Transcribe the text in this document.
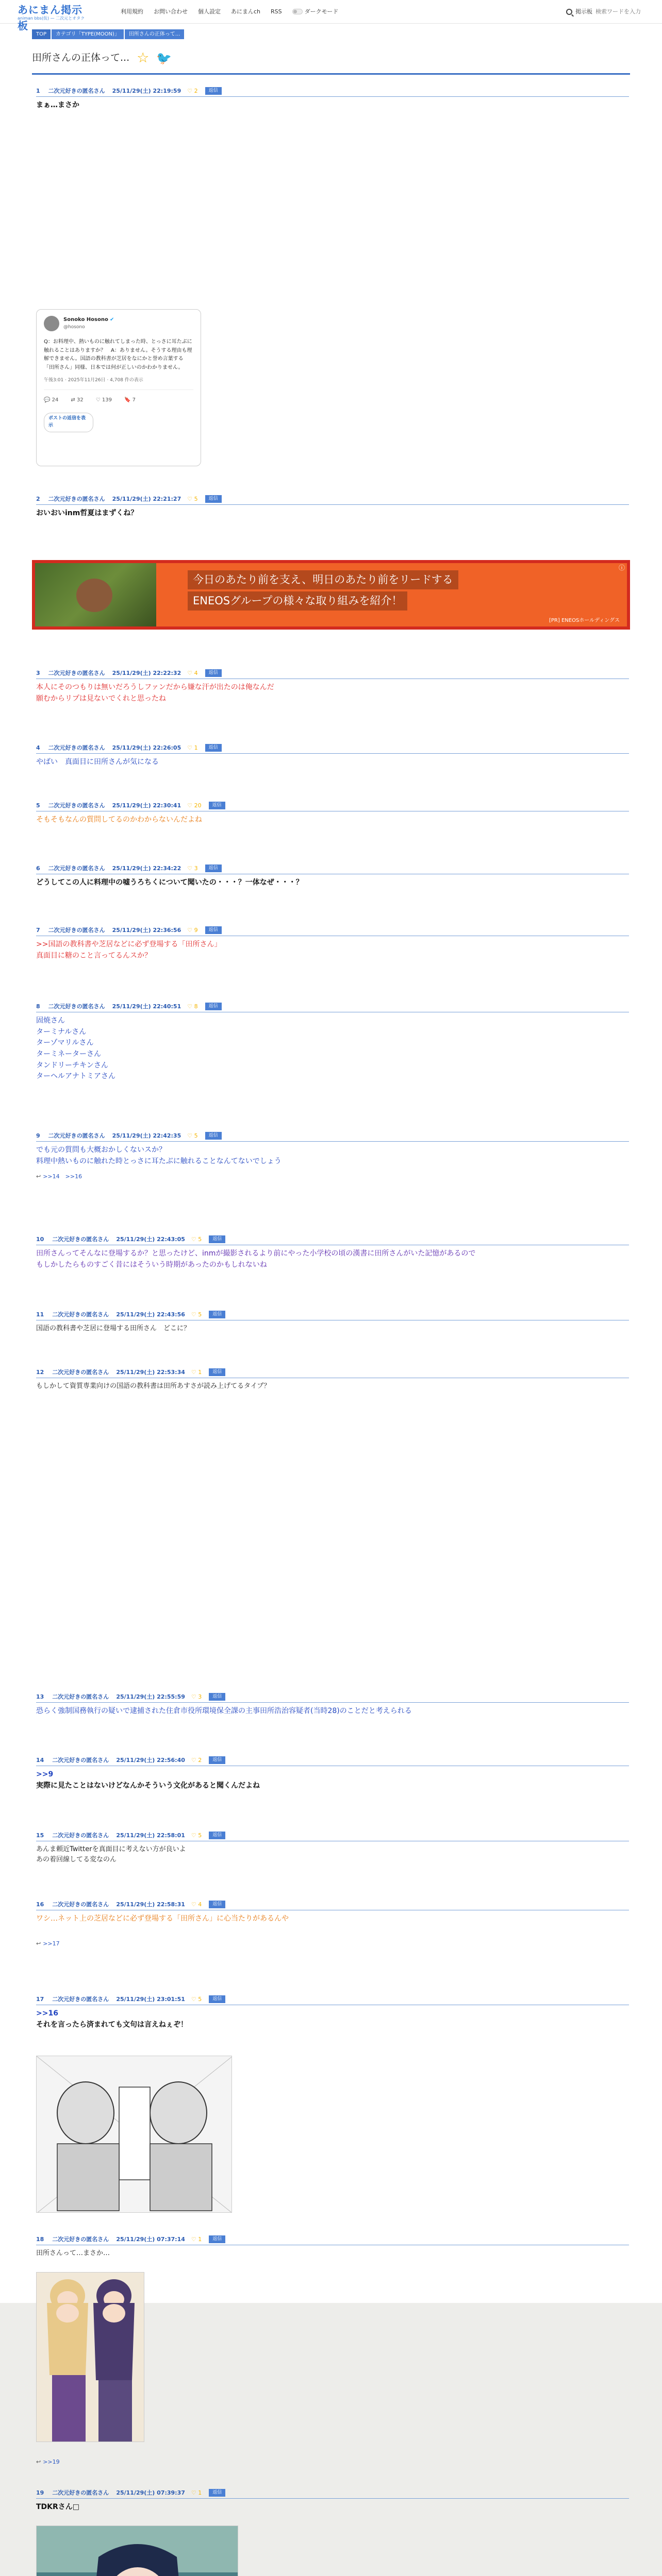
あにまん掲示板
animan bbs(仮) — 二次元とオタク
利用規約 お問い合わせ 個人設定 あにまんch RSS	ダークモード	掲示板
検索ワードを入力
TOP	カテゴリ「TYPE(MOON)」	田所さんの正体って...
田所さんの正体って... ☆ 🐦
1 二次元好きの匿名さん 25/11/29(土) 22:19:59 ♡ 2	返信
まぁ…まさか
Sonoko Hosono ✔
@hosono
Q：お料理中、熱いものに触れてしまった時、とっさに耳たぶに触れることはありますか？　A：ありません。そうする理由も理解できません。国語の教科書が芝居をなにかと誉め言葉する「田所さん」同様、日本では何が正しいのかわかりません。
午後3:01 · 2025年11月26日 · 4,708 件の表示
💬 24 ⇄ 32 ♡ 139 🔖 7
ポストの返信を表示
2 二次元好きの匿名さん 25/11/29(土) 22:21:27 ♡ 5	返信
おいおいinm哲夏はまずくね？
今日のあたり前を支え、明日のあたり前をリードする
ENEOSグループの様々な取り組みを紹介！
[PR] ENEOSホールディングス
ⓘ
3 二次元好きの匿名さん 25/11/29(土) 22:22:32 ♡ 4	返信
本人にそのつもりは無いだろうしファンだから嫌な汗が出たのは俺なんだ
願むからリプは見ないでくれと思ったね
4 二次元好きの匿名さん 25/11/29(土) 22:26:05 ♡ 1	返信
やばい　真面目に田所さんが気になる
5 二次元好きの匿名さん 25/11/29(土) 22:30:41 ♡ 20	返信
そもそもなんの質問してるのかわからないんだよね
6 二次元好きの匿名さん 25/11/29(土) 22:34:22 ♡ 3	返信
どうしてこの人に料理中の嘘うろちくについて聞いたの・・・？一体なぜ・・・？
7 二次元好きの匿名さん 25/11/29(土) 22:36:56 ♡ 9	返信
>>国語の教科書や芝居などに必ず登場する「田所さん」
真面目に糖のこと言ってるんスか？
8 二次元好きの匿名さん 25/11/29(土) 22:40:51 ♡ 8	返信
固焼さん
ターミナルさん
ターゾマリルさん
ターミネーターさん
タンドリーチキンさん
ターヘルアナトミアさん
9 二次元好きの匿名さん 25/11/29(土) 22:42:35 ♡ 5	返信
でも元の質問も大概おかしくないスか？
料理中熱いものに触れた時とっさに耳たぶに触れることなんてないでしょう
↩ >>14　>>16
10 二次元好きの匿名さん 25/11/29(土) 22:43:05 ♡ 5	返信
田所さんってそんなに登場するか？と思ったけど、inmが撮影されるより前にやった小学校の頃の漢書に田所さんがいた記憶があるので
もしかしたらものすごく昔にはそういう時期があったのかもしれないね
11 二次元好きの匿名さん 25/11/29(土) 22:43:56 ♡ 5	返信
国語の教科書や芝居に登場する田所さん　どこに？
12 二次元好きの匿名さん 25/11/29(土) 22:53:34 ♡ 1	返信
もしかして資質専業向けの国語の教科書は田所あすさが読み上げてるタイプ？
13 二次元好きの匿名さん 25/11/29(土) 22:55:59 ♡ 3	返信
恐らく強制国務執行の疑いで逮捕された住倉市役所環境保全課の主事田所浩治容疑者(当時28)のことだと考えられる
14 二次元好きの匿名さん 25/11/29(土) 22:56:40 ♡ 2	返信
>>9
実際に見たことはないけどなんかそういう文化があると聞くんだよね
15 二次元好きの匿名さん 25/11/29(土) 22:58:01 ♡ 5	返信
あんま頼近Twitterを真面目に考えない方が良いよ
あの着回線してる変なのん
16 二次元好きの匿名さん 25/11/29(土) 22:58:31 ♡ 4	返信
ワシ…ネット上の芝居などに必ず登場する「田所さん」に心当たりがあるんや
↩ >>17
17 二次元好きの匿名さん 25/11/29(土) 23:01:51 ♡ 5	返信
>>16
それを言ったら済まれても文句は言えねぇぞ！
18 二次元好きの匿名さん 25/11/29(土) 07:37:14 ♡ 1	返信
田所さんって…まさか…
↩ >>19
19 二次元好きの匿名さん 25/11/29(土) 07:39:37 ♡ 1	返信
TDKRさん□
